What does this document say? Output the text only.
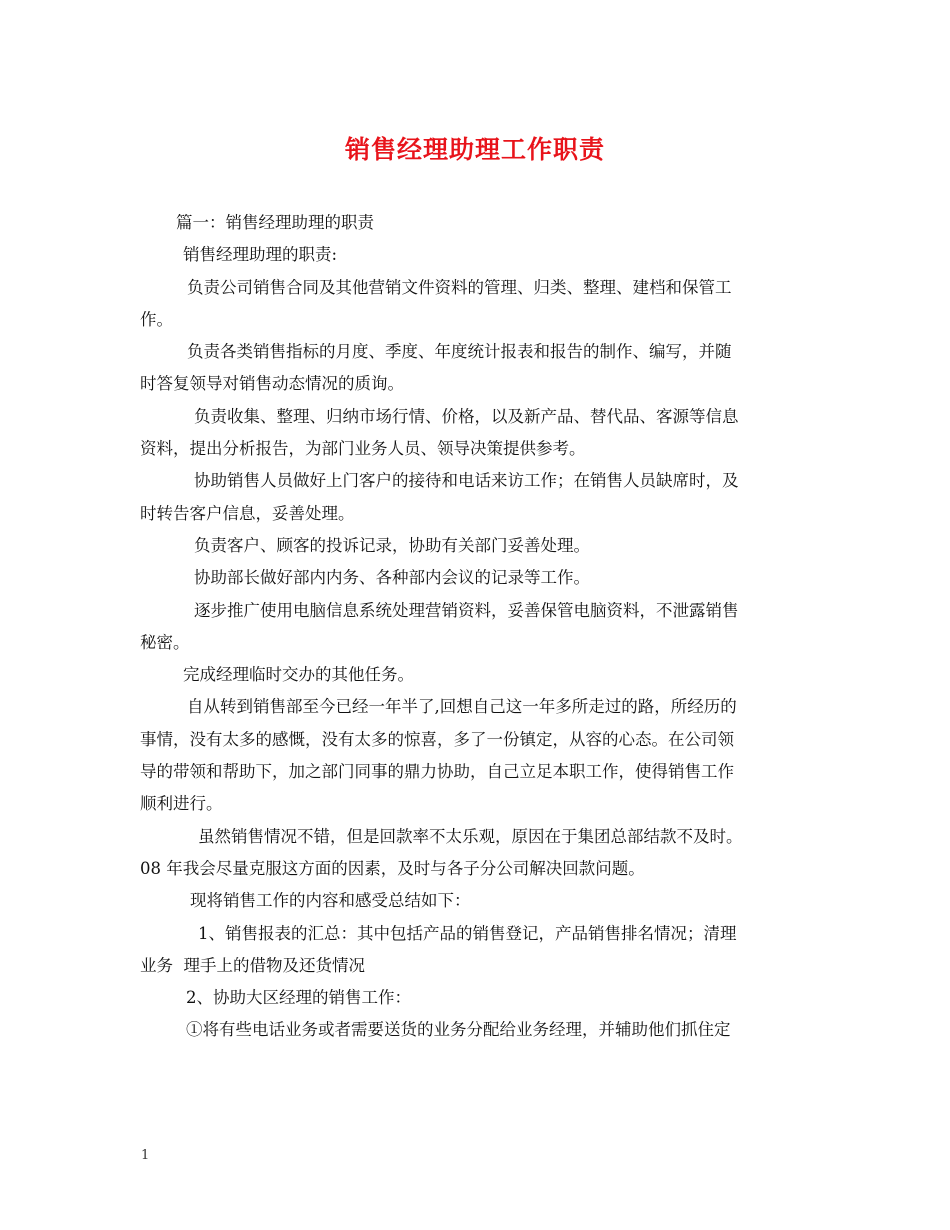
销售经理助理工作职责
篇一：销售经理助理的职责
销售经理助理的职责:
负责公司销售合同及其他营销文件资料的管理、归类、整理、建档和保管工
作。
负责各类销售指标的月度、季度、年度统计报表和报告的制作、编写，并随
时答复领导对销售动态情况的质询。
负责收集、整理、归纳市场行情、价格，以及新产品、替代品、客源等信息
资料，提出分析报告，为部门业务人员、领导决策提供参考。
协助销售人员做好上门客户的接待和电话来访工作；在销售人员缺席时，及
时转告客户信息，妥善处理。
负责客户、顾客的投诉记录，协助有关部门妥善处理。
协助部长做好部内内务、各种部内会议的记录等工作。
逐步推广使用电脑信息系统处理营销资料，妥善保管电脑资料，不泄露销售
秘密。
完成经理临时交办的其他任务。
自从转到销售部至今已经一年半了,回想自己这一年多所走过的路，所经历的
事情，没有太多的感慨，没有太多的惊喜，多了一份镇定，从容的心态。在公司领
导的带领和帮助下，加之部门同事的鼎力协助，自己立足本职工作，使得销售工作
顺利进行。
虽然销售情况不错，但是回款率不太乐观，原因在于集团总部结款不及时。
08 年我会尽量克服这方面的因素，及时与各子分公司解决回款问题。
现将销售工作的内容和感受总结如下：
1、销售报表的汇总：其中包括产品的销售登记，产品销售排名情况；清理
业务  理手上的借物及还货情况
2、协助大区经理的销售工作：
①将有些电话业务或者需要送货的业务分配给业务经理，并辅助他们抓住定
1
